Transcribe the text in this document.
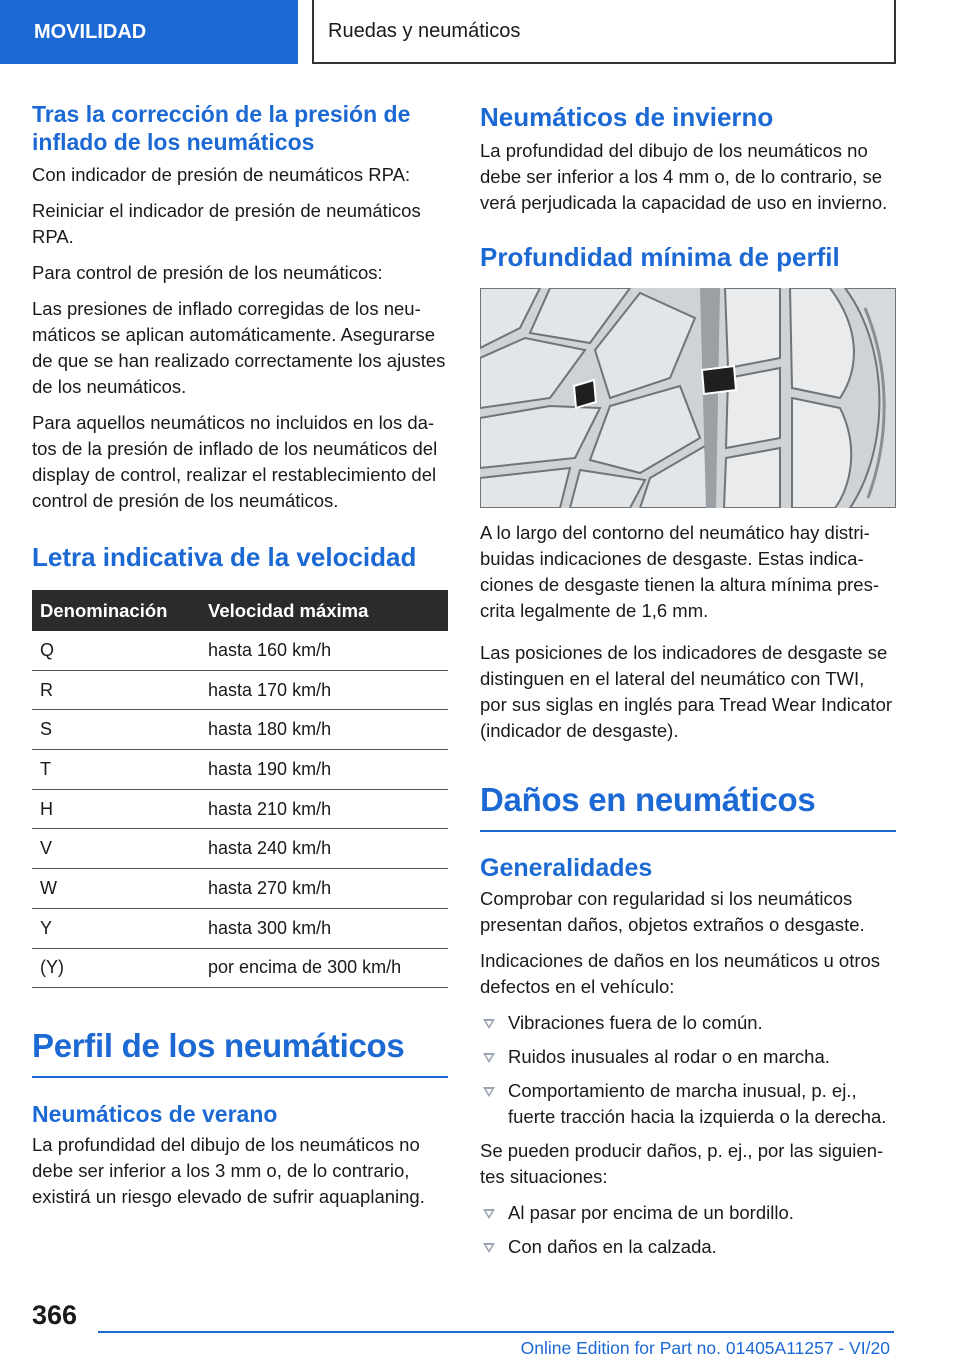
MOVILIDAD	Ruedas y neumáticos
Tras la corrección de la presión de inflado de los neumáticos

Con indicador de presión de neumáticos RPA:

Reiniciar el indicador de presión de neumáticos RPA.

Para control de presión de los neumáticos:

Las presiones de inflado corregidas de los neumáticos se aplican automáticamente. Asegurarse de que se han realizado correctamente los ajustes de los neumáticos.

Para aquellos neumáticos no incluidos en los datos de la presión de inflado de los neumáticos del display de control, realizar el restablecimiento del control de presión de los neumáticos.

Letra indicativa de la velocidad
Denominación	Velocidad máxima
Q	hasta 160 km/h
R	hasta 170 km/h
S	hasta 180 km/h
T	hasta 190 km/h
H	hasta 210 km/h
V	hasta 240 km/h
W	hasta 270 km/h
Y	hasta 300 km/h
(Y)	por encima de 300 km/h
Perfil de los neumáticos
Neumáticos de verano

La profundidad del dibujo de los neumáticos no debe ser inferior a los 3 mm o, de lo contrario, existirá un riesgo elevado de sufrir aquaplaning.

Neumáticos de invierno

La profundidad del dibujo de los neumáticos no debe ser inferior a los 4 mm o, de lo contrario, se verá perjudicada la capacidad de uso en invierno.

Profundidad mínima de perfil

A lo largo del contorno del neumático hay distribuidas indicaciones de desgaste. Estas indicaciones de desgaste tienen la altura mínima prescrita legalmente de 1,6 mm.

Las posiciones de los indicadores de desgaste se distinguen en el lateral del neumático con TWI, por sus siglas en inglés para Tread Wear Indicator (indicador de desgaste).

Daños en neumáticos
Generalidades

Comprobar con regularidad si los neumáticos presentan daños, objetos extraños o desgaste.

Indicaciones de daños en los neumáticos u otros defectos en el vehículo:

Vibraciones fuera de lo común.
Ruidos inusuales al rodar o en marcha.
Comportamiento de marcha inusual, p. ej., fuerte tracción hacia la izquierda o la derecha.

Se pueden producir daños, p. ej., por las siguientes situaciones:

Al pasar por encima de un bordillo.
Con daños en la calzada.
366
Online Edition for Part no. 01405A11257 - VI/20
